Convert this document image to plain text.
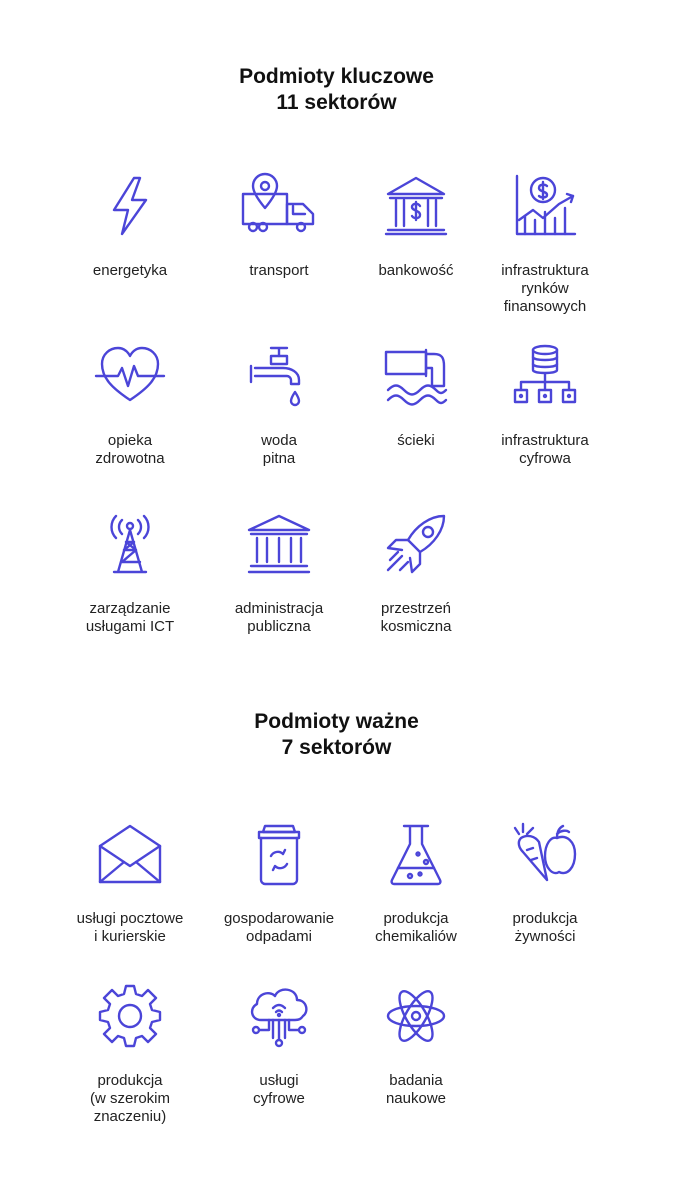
Podmioty kluczowe
11 sektorów
energetyka	transport	bankowość	infrastruktura
rynków
finansowych
opieka
zdrowotna
woda
pitna
ścieki	infrastruktura
cyfrowa
zarządzanie
usługami ICT
administracja
publiczna
przestrzeń
kosmiczna
Podmioty ważne
7 sektorów
usługi pocztowe
i kurierskie
gospodarowanie
odpadami
produkcja
chemikaliów
produkcja
żywności
produkcja
(w szerokim
znaczeniu)
usługi
cyfrowe
badania
naukowe
